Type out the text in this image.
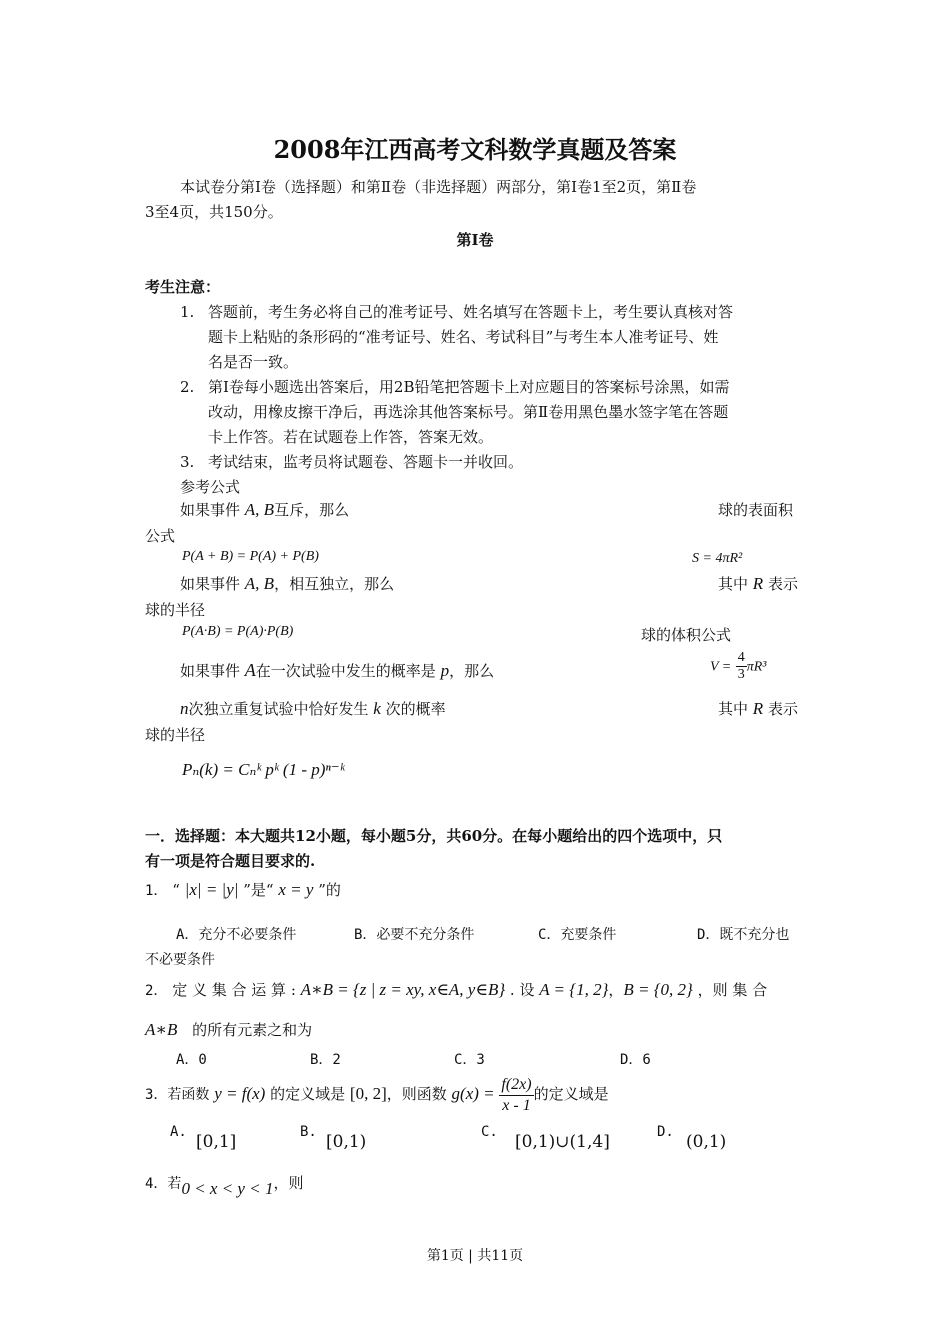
2008年江西高考文科数学真题及答案
本试卷分第Ⅰ卷（选择题）和第Ⅱ卷（非选择题）两部分，第Ⅰ卷1至2页，第Ⅱ卷
3至4页，共150分。
第Ⅰ卷
考生注意：
1. 答题前，考生务必将自己的准考证号、姓名填写在答题卡上，考生要认真核对答
题卡上粘贴的条形码的“准考证号、姓名、考试科目”与考生本人准考证号、姓
名是否一致。
2. 第Ⅰ卷每小题选出答案后，用2B铅笔把答题卡上对应题目的答案标号涂黑，如需
改动，用橡皮擦干净后，再选涂其他答案标号。第Ⅱ卷用黑色墨水签字笔在答题
卡上作答。若在试题卷上作答，答案无效。
3. 考试结束，监考员将试题卷、答题卡一并收回。
参考公式
如果事件 A, B互斥，那么	球的表面积
公式
P(A + B) = P(A) + P(B)	S = 4πR²
如果事件 A, B，相互独立，那么	其中 R 表示
球的半径
P(A·B) = P(A)·P(B)	球的体积公式
如果事件 A在一次试验中发生的概率是 p，那么	$V = \frac{4}{3} \pi R^3$
n次独立重复试验中恰好发生 k 次的概率	其中 R 表示
球的半径
Pₙ(k) = Cₙᵏ pᵏ (1 - p)ⁿ⁻ᵏ
一．选择题：本大题共12小题，每小题5分，共60分。在每小题给出的四个选项中，只
有一项是符合题目要求的.
1． “ |x| = |y| ”是“ x = y ”的
A．充分不必要条件	B．必要不充分条件	C．充要条件	D．既不充分也
不必要条件
2． 定 义 集 合 运 算 : A∗B = {z | z = xy, x∈A, y∈B} . 设 A = {1, 2}，B = {0, 2} ，则 集 合
A∗B 的所有元素之和为
A．0	B．2	C．3	D．6
3．若函数 y = f(x) 的定义域是 [0, 2]，则函数 $g(x) = \frac{f(2x)}{x - 1}$ 的定义域是
A. [0,1]	B. [0,1)	C. [0,1)∪(1,4]	D. (0,1)
4．若0 < x < y < 1，则
第1页 | 共11页
